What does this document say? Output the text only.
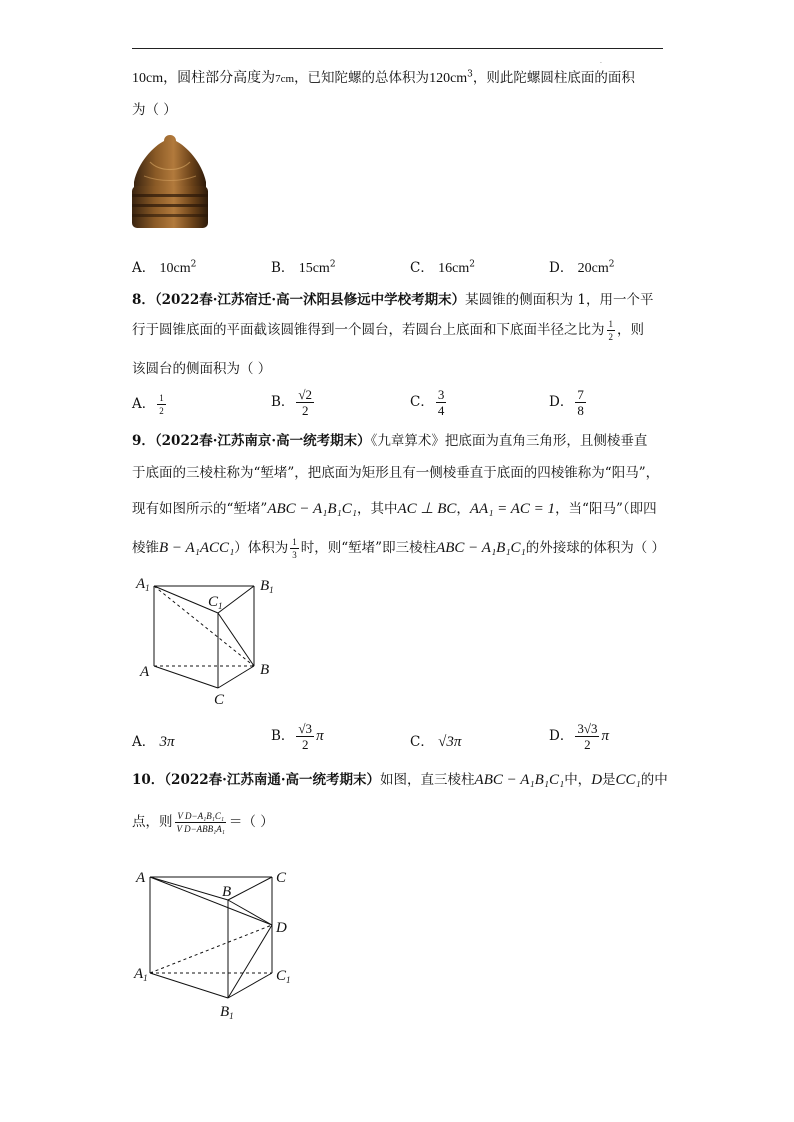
.
10cm，圆柱部分高度为7cm，已知陀螺的总体积为$120cm^3$，则此陀螺圆柱底面的面积
为（ ）
A． $10cm^2$	B． $15cm^2$	C． $16cm^2$	D． $20cm^2$
8．（2022春·江苏宿迁·高一沭阳县修远中学校考期末）某圆锥的侧面积为 1，用一个平
行于圆锥底面的平面截该圆锥得到一个圆台，若圆台上底面和下底面半径之比为 $\frac{1}{2}$ ，则
该圆台的侧面积为（ ）
A． $\frac{1}{2}$	B． $\frac{√2}{2}$	C． $\frac{3}{4}$	D． $\frac{7}{8}$
9．（2022春·江苏南京·高一统考期末）《九章算术》把底面为直角三角形，且侧棱垂直
于底面的三棱柱称为“堑堵”，把底面为矩形且有一侧棱垂直于底面的四棱锥称为“阳马”，
现有如图所示的“堑堵”ABC − A₁B₁C₁，其中AC ⊥ BC，AA₁ = AC = 1，当“阳马”（即四
棱锥B − A₁ACC₁）体积为 $\frac{1}{3}$ 时，则“堑堵”即三棱柱ABC − A₁B₁C₁的外接球的体积为（ ）
$A_1$
$C_1$
$B_1$
A	B
C
A． 3π	B． $\frac{√3}{2}$ π	C． √3π	D． $\frac{3√3}{2}$ π
10．（2022春·江苏南通·高一统考期末）如图，直三棱柱ABC − A₁B₁C₁中，D是CC₁的中
点，则 $\frac{\text{V D−A₁B₁C₁}}{\text{V D−ABB₁A₁}}$ ＝（ ）
A
B
C
D
$A_1$	$C_1$
$B_1$
